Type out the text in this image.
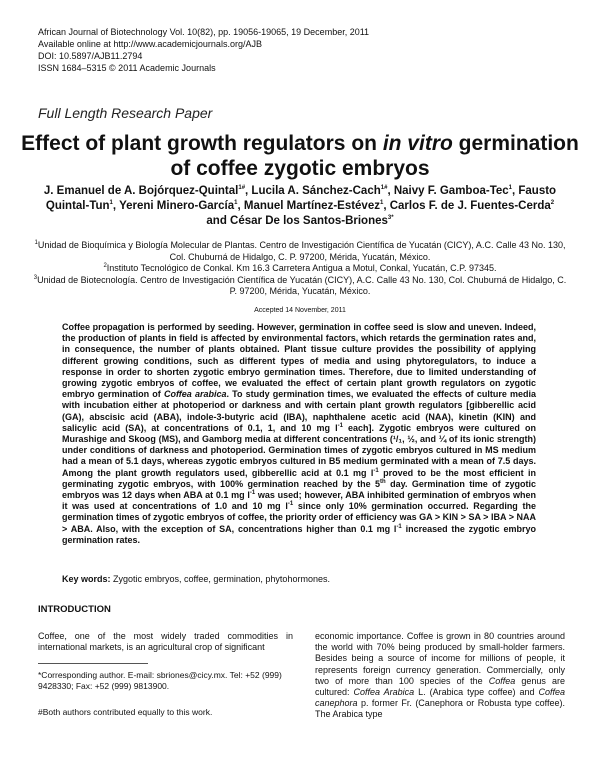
African Journal of Biotechnology Vol. 10(82), pp. 19056-19065, 19 December, 2011
Available online at http://www.academicjournals.org/AJB
DOI: 10.5897/AJB11.2794
ISSN 1684–5315 © 2011 Academic Journals
Full Length Research Paper
Effect of plant growth regulators on in vitro germination of coffee zygotic embryos
J. Emanuel de A. Bojórquez-Quintal$^{1\#}$, Lucila A. Sánchez-Cach$^{1\#}$, Naivy F. Gamboa-Tec$^1$, Fausto Quintal-Tun$^1$, Yereni Minero-García$^1$, Manuel Martínez-Estévez$^1$, Carlos F. de J. Fuentes-Cerda$^2$ and César De los Santos-Briones$^{3*}$
$^1$Unidad de Bioquímica y Biología Molecular de Plantas. Centro de Investigación Científica de Yucatán (CICY), A.C. Calle 43 No. 130, Col. Chuburná de Hidalgo, C. P. 97200, Mérida, Yucatán, México.
$^2$Instituto Tecnológico de Conkal. Km 16.3 Carretera Antigua a Motul, Conkal, Yucatán, C.P. 97345.
$^3$Unidad de Biotecnología. Centro de Investigación Científica de Yucatán (CICY), A.C. Calle 43 No. 130, Col. Chuburná de Hidalgo, C. P. 97200, Mérida, Yucatán, México.
Accepted 14 November, 2011
Coffee propagation is performed by seeding. However, germination in coffee seed is slow and uneven. Indeed, the production of plants in field is affected by environmental factors, which retards the germination rates and, in consequence, the number of plants obtained. Plant tissue culture provides the possibility of applying different growing conditions, such as different types of media and using phytoregulators, to induce a response in order to shorten zygotic embryo germination times. Therefore, due to limited understanding of growing zygotic embryos of coffee, we evaluated the effect of certain plant growth regulators on zygotic embryo germination of Coffea arabica. To study germination times, we evaluated the effects of culture media with incubation either at photoperiod or darkness and with certain plant growth regulators [gibberellic acid (GA), abscisic acid (ABA), indole-3-butyric acid (IBA), naphthalene acetic acid (NAA), kinetin (KIN) and salicylic acid (SA), at concentrations of 0.1, 1, and 10 mg $l^{-1}$ each]. Zygotic embryos were cultured on Murashige and Skoog (MS), and Gamborg media at different concentrations (¹/₁, ½, and ¼ of its ionic strength) under conditions of darkness and photoperiod. Germination times of zygotic embryos cultured in MS medium had a mean of 5.1 days, whereas zygotic embryos cultured in B5 medium germinated with a mean of 7.5 days. Among the plant growth regulators used, gibberellic acid at 0.1 mg $l^{-1}$ proved to be the most efficient in germinating zygotic embryos, with 100% germination reached by the 5th day. Germination time of zygotic embryos was 12 days when ABA at 0.1 mg $l^{-1}$ was used; however, ABA inhibited germination of embryos when it was used at concentrations of 1.0 and 10 mg $l^{-1}$ since only 10% germination occurred. Regarding the germination times of zygotic embryos of coffee, the priority order of efficiency was GA > KIN > SA > IBA > NAA > ABA. Also, with the exception of SA, concentrations higher than 0.1 mg $l^{-1}$ increased the zygotic embryo germination rates.
Key words: Zygotic embryos, coffee, germination, phytohormones.
INTRODUCTION
Coffee, one of the most widely traded commodities in international markets, is an agricultural crop of significant
economic importance. Coffee is grown in 80 countries around the world with 70% being produced by small-holder farmers. Besides being a source of income for millions of people, it represents foreign currency generation. Commercially, only two of more than 100 species of the Coffea genus are cultured: Coffea Arabica L. (Arabica type coffee) and Coffea canephora p. former Fr. (Canephora or Robusta type coffee). The Arabica type
*Corresponding author. E-mail: sbriones@cicy.mx. Tel: +52 (999) 9428330; Fax: +52 (999) 9813900.
#Both authors contributed equally to this work.
